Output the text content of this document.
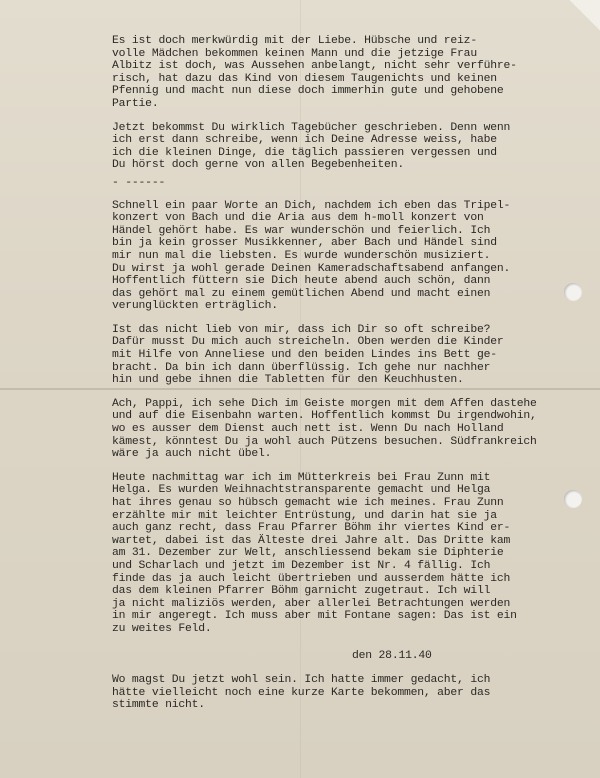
Es ist doch merkwürdig mit der Liebe. Hübsche und reiz-
volle Mädchen bekommen keinen Mann und die jetzige Frau
Albitz ist doch, was Aussehen anbelangt, nicht sehr verführe-
risch, hat dazu das Kind von diesem Taugenichts und keinen
Pfennig und macht nun diese doch immerhin gute und gehobene
Partie.
Jetzt bekommst Du wirklich Tagebücher geschrieben. Denn wenn
ich erst dann schreibe, wenn ich Deine Adresse weiss, habe
ich die kleinen Dinge, die täglich passieren vergessen und
Du hörst doch gerne von allen Begebenheiten.
- ------
Schnell ein paar Worte an Dich, nachdem ich eben das Tripel-
konzert von Bach und die Aria aus dem h-moll konzert von
Händel gehört habe. Es war wunderschön und feierlich. Ich
bin ja kein grosser Musikkenner, aber Bach und Händel sind
mir nun mal die liebsten. Es wurde wunderschön musiziert.
Du wirst ja wohl gerade Deinen Kameradschaftsabend anfangen.
Hoffentlich füttern sie Dich heute abend auch schön, dann
das gehört mal zu einem gemütlichen Abend und macht einen
verunglückten erträglich.
Ist das nicht lieb von mir, dass ich Dir so oft schreibe?
Dafür musst Du mich auch streicheln. Oben werden die Kinder
mit Hilfe von Anneliese und den beiden Lindes ins Bett ge-
bracht. Da bin ich dann überflüssig. Ich gehe nur nachher
hin und gebe ihnen die Tabletten für den Keuchhusten.
Ach, Pappi, ich sehe Dich im Geiste morgen mit dem Affen dastehe
und auf die Eisenbahn warten. Hoffentlich kommst Du irgendwohin,
wo es ausser dem Dienst auch nett ist. Wenn Du nach Holland
kämest, könntest Du ja wohl auch Pützens besuchen. Südfrankreich
wäre ja auch nicht übel.
Heute nachmittag war ich im Mütterkreis bei Frau Zunn mit
Helga. Es wurden Weihnachtstransparente gemacht und Helga
hat ihres genau so hübsch gemacht wie ich meines. Frau Zunn
erzählte mir mit leichter Entrüstung, und darin hat sie ja
auch ganz recht, dass Frau Pfarrer Böhm ihr viertes Kind er-
wartet, dabei ist das Älteste drei Jahre alt. Das Dritte kam
am 31. Dezember zur Welt, anschliessend bekam sie Diphterie
und Scharlach und jetzt im Dezember ist Nr. 4 fällig. Ich
finde das ja auch leicht übertrieben und ausserdem hätte ich
das dem kleinen Pfarrer Böhm garnicht zugetraut. Ich will
ja nicht maliziös werden, aber allerlei Betrachtungen werden
in mir angeregt. Ich muss aber mit Fontane sagen: Das ist ein
zu weites Feld.
den 28.11.40
Wo magst Du jetzt wohl sein. Ich hatte immer gedacht, ich
hätte vielleicht noch eine kurze Karte bekommen, aber das
stimmte nicht.
